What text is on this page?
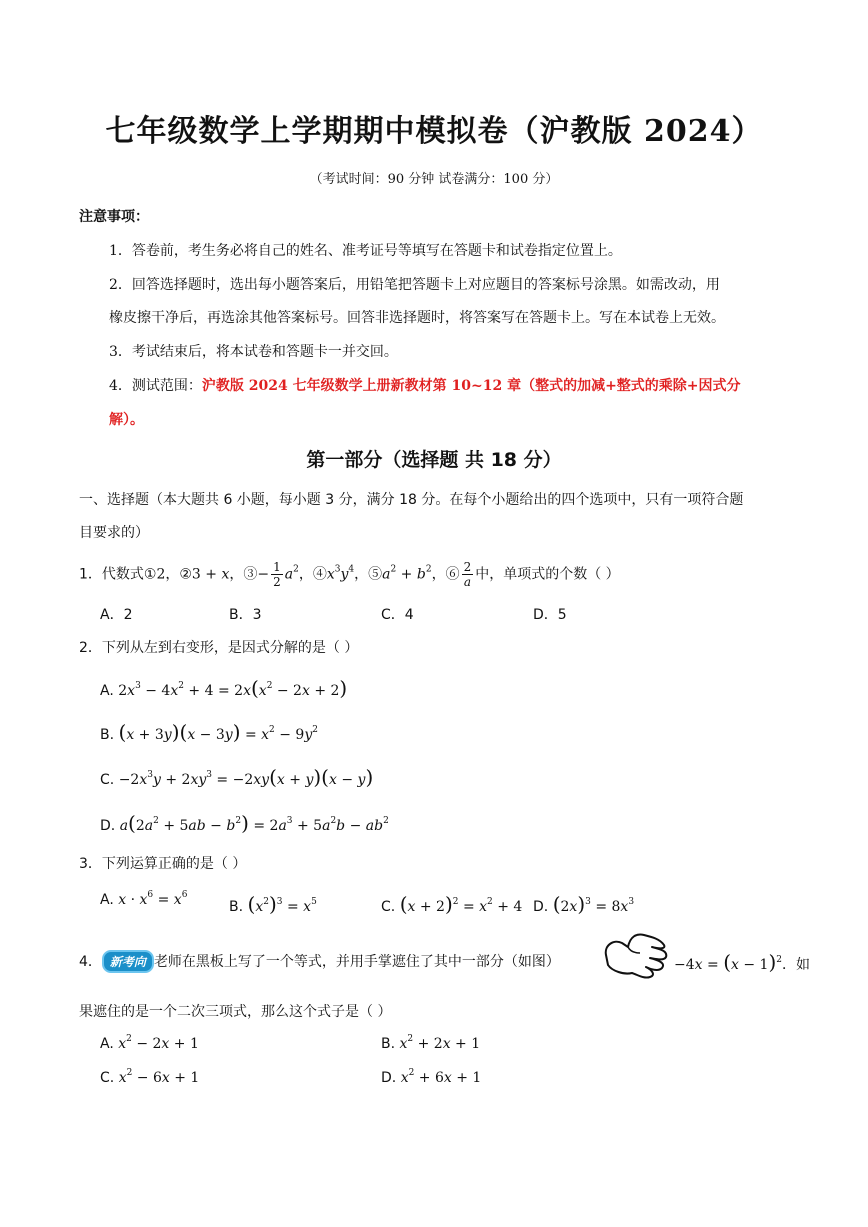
七年级数学上学期期中模拟卷（沪教版 2024）
（考试时间：90 分钟 试卷满分：100 分）
注意事项：
1．答卷前，考生务必将自己的姓名、准考证号等填写在答题卡和试卷指定位置上。
2．回答选择题时，选出每小题答案后，用铅笔把答题卡上对应题目的答案标号涂黑。如需改动，用
橡皮擦干净后，再选涂其他答案标号。回答非选择题时，将答案写在答题卡上。写在本试卷上无效。
3．考试结束后，将本试卷和答题卡一并交回。
4．测试范围：沪教版 2024 七年级数学上册新教材第 10~12 章（整式的加减+整式的乘除+因式分
解）。
第一部分（选择题 共 18 分）
一、选择题（本大题共 6 小题，每小题 3 分，满分 18 分。在每个小题给出的四个选项中，只有一项符合题
目要求的）
1．代数式①2，②3 + x，③− $\frac{1}{2} a^2$，$④x^3y^4$，$⑤a^2 + b^2$，⑥ $\frac{2}{a}$ 中，单项式的个数（ ）
A．2	B．3	C．4	D．5
2．下列从左到右变形，是因式分解的是（ ）
A. $2x^3 - 4x^2 + 4 = 2x(x^2 - 2x + 2)$
B. $(x + 3y)(x - 3y) = x^2 - 9y^2$
C. $-2x^3y + 2xy^3 = -2xy(x + y)(x - y)$
D. $a(2a^2 + 5ab - b^2) = 2a^3 + 5a^2b - ab^2$
3．下列运算正确的是（ ）
A. $x \cdot x^6 = x^6$
B. $(x^2)^3 = x^5$	C. $(x + 2)^2 = x^2 + 4$ D. $(2x)^3 = 8x^3$
4． 新考向 老师在黑板上写了一个等式，并用手掌遮住了其中一部分（如图）	$-4x = (x - 1)^2$．如
果遮住的是一个二次三项式，那么这个式子是（ ）
A. $x^2 - 2x + 1$	B. $x^2 + 2x + 1$
C. $x^2 - 6x + 1$	D. $x^2 + 6x + 1$
